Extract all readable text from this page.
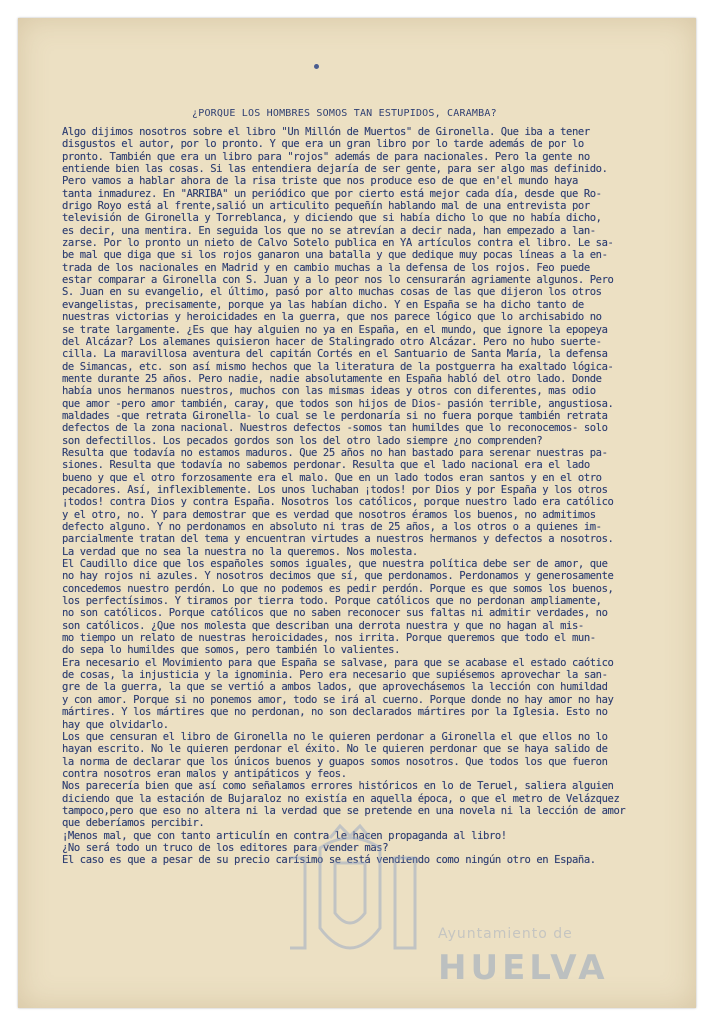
¿PORQUE LOS HOMBRES SOMOS TAN ESTUPIDOS, CARAMBA?
Algo dijimos nosotros sobre el libro "Un Millón de Muertos" de Gironella. Que iba a tener
disgustos el autor, por lo pronto. Y que era un gran libro por lo tarde además de por lo
pronto. También que era un libro para "rojos" además de para nacionales. Pero la gente no
entiende bien las cosas. Si las entendiera dejaría de ser gente, para ser algo mas definido.
Pero vamos a hablar ahora de la risa triste que nos produce eso de que en'el mundo haya
tanta inmadurez. En "ARRIBA" un periódico que por cierto está mejor cada día, desde que Ro-
drigo Royo está al frente,salió un articulito pequeñín hablando mal de una entrevista por
televisión de Gironella y Torreblanca, y diciendo que si había dicho lo que no había dicho,
es decir, una mentira. En seguida los que no se atrevían a decir nada, han empezado a lan-
zarse. Por lo pronto un nieto de Calvo Sotelo publica en YA artículos contra el libro. Le sa-
be mal que diga que si los rojos ganaron una batalla y que dedique muy pocas líneas a la en-
trada de los nacionales en Madrid y en cambio muchas a la defensa de los rojos. Feo puede
estar comparar a Gironella con S. Juan y a lo peor nos lo censurarán agriamente algunos. Pero
S. Juan en su evangelio, el último, pasó por alto muchas cosas de las que dijeron los otros
evangelistas, precisamente, porque ya las habían dicho. Y en España se ha dicho tanto de
nuestras victorias y heroicidades en la guerra, que nos parece lógico que lo archisabido no
se trate largamente. ¿Es que hay alguien no ya en España, en el mundo, que ignore la epopeya
del Alcázar? Los alemanes quisieron hacer de Stalingrado otro Alcázar. Pero no hubo suerte-
cilla. La maravillosa aventura del capitán Cortés en el Santuario de Santa María, la defensa
de Simancas, etc. son así mismo hechos que la literatura de la postguerra ha exaltado lógica-
mente durante 25 años. Pero nadie, nadie absolutamente en España habló del otro lado. Donde
había unos hermanos nuestros, muchos con las mismas ideas y otros con diferentes, mas odio
que amor -pero amor también, caray, que todos son hijos de Dios- pasión terrible, angustiosa.
maldades -que retrata Gironella- lo cual se le perdonaría si no fuera porque también retrata
defectos de la zona nacional. Nuestros defectos -somos tan humildes que lo reconocemos- solo
son defectillos. Los pecados gordos son los del otro lado siempre ¿no comprenden?
Resulta que todavía no estamos maduros. Que 25 años no han bastado para serenar nuestras pa-
siones. Resulta que todavía no sabemos perdonar. Resulta que el lado nacional era el lado
bueno y que el otro forzosamente era el malo. Que en un lado todos eran santos y en el otro
pecadores. Así, inflexiblemente. Los unos luchaban ¡todos! por Dios y por España y los otros
¡todos! contra Dios y contra España. Nosotros los católicos, porque nuestro lado era católico
y el otro, no. Y para demostrar que es verdad que nosotros éramos los buenos, no admitimos
defecto alguno. Y no perdonamos en absoluto ni tras de 25 años, a los otros o a quienes im-
parcialmente tratan del tema y encuentran virtudes a nuestros hermanos y defectos a nosotros.
La verdad que no sea la nuestra no la queremos. Nos molesta.
El Caudillo dice que los españoles somos iguales, que nuestra política debe ser de amor, que
no hay rojos ni azules. Y nosotros decimos que sí, que perdonamos. Perdonamos y generosamente
concedemos nuestro perdón. Lo que no podemos es pedir perdón. Porque es que somos los buenos,
los perfectísimos. Y tiramos por tierra todo. Porque católicos que no perdonan ampliamente,
no son católicos. Porque católicos que no saben reconocer sus faltas ni admitir verdades, no
son católicos. ¿Que nos molesta que describan una derrota nuestra y que no hagan al mis-
mo tiempo un relato de nuestras heroicidades, nos irrita. Porque queremos que todo el mun-
do sepa lo humildes que somos, pero también lo valientes.
Era necesario el Movimiento para que España se salvase, para que se acabase el estado caótico
de cosas, la injusticia y la ignominia. Pero era necesario que supiésemos aprovechar la san-
gre de la guerra, la que se vertió a ambos lados, que aprovechásemos la lección con humildad
y con amor. Porque si no ponemos amor, todo se irá al cuerno. Porque donde no hay amor no hay
mártires. Y los mártires que no perdonan, no son declarados mártires por la Iglesia. Esto no
hay que olvidarlo.
Los que censuran el libro de Gironella no le quieren perdonar a Gironella el que ellos no lo
hayan escrito. No le quieren perdonar el éxito. No le quieren perdonar que se haya salido de
la norma de declarar que los únicos buenos y guapos somos nosotros. Que todos los que fueron
contra nosotros eran malos y antipáticos y feos.
Nos parecería bien que así como señalamos errores históricos en lo de Teruel, saliera alguien
diciendo que la estación de Bujaraloz no existía en aquella época, o que el metro de Velázquez
tampoco,pero que eso no altera ni la verdad que se pretende en una novela ni la lección de amor
que deberíamos percibir.
¡Menos mal, que con tanto articulín en contra le hacen propaganda al libro!
¿No será todo un truco de los editores para vender mas?
El caso es que a pesar de su precio carísimo se está vendiendo como ningún otro en España.
Ayuntamiento de
HUELVA
